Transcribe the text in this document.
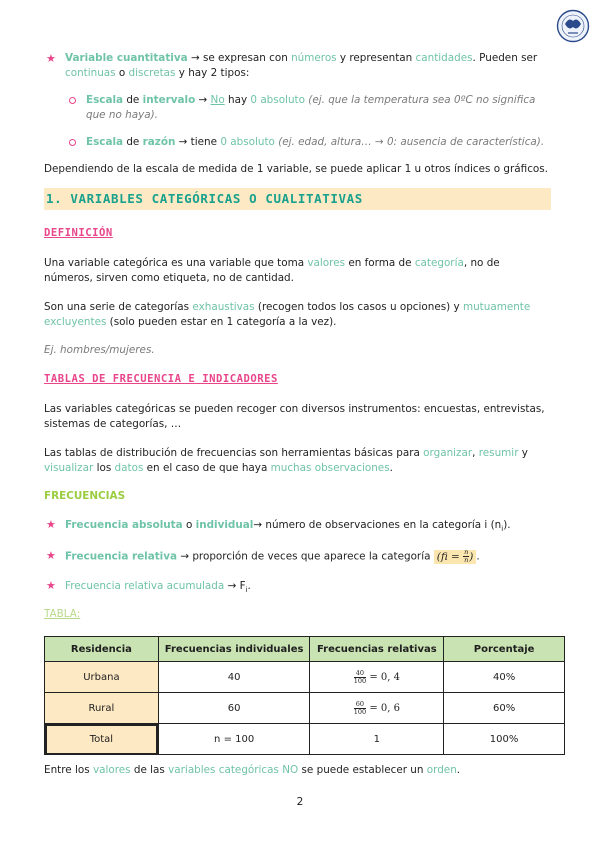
★ Variable cuantitativa → se expresan con números y representan cantidades. Pueden ser
continuas o discretas y hay 2 tipos:
Escala de intervalo → No hay 0 absoluto (ej. que la temperatura sea 0ºC no significa
que no haya).
Escala de razón → tiene 0 absoluto (ej. edad, altura… → 0: ausencia de característica).
Dependiendo de la escala de medida de 1 variable, se puede aplicar 1 u otros índices o gráficos.
1. VARIABLES CATEGÓRICAS O CUALITATIVAS
DEFINICIÓN
Una variable categórica es una variable que toma valores en forma de categoría, no de
números, sirven como etiqueta, no de cantidad.
Son una serie de categorías exhaustivas (recogen todos los casos u opciones) y mutuamente
excluyentes (solo pueden estar en 1 categoría a la vez).
Ej. hombres/mujeres.
TABLAS DE FRECUENCIA E INDICADORES
Las variables categóricas se pueden recoger con diversos instrumentos: encuestas, entrevistas,
sistemas de categorías, …
Las tablas de distribución de frecuencias son herramientas básicas para organizar, resumir y
visualizar los datos en el caso de que haya muchas observaciones.
FRECUENCIAS
★ Frecuencia absoluta o individual→ número de observaciones en la categoría i $(n_i)$.
★ Frecuencia relativa → proporción de veces que aparece la categoría ($fi = \frac{n}{n}$ ) .
★ Frecuencia relativa acumulada → $F_i$.
TABLA:
Residencia	Frecuencias individuales	Frecuencias relativas	Porcentaje
Urbana	40	$\frac{40}{100} = 0$, 4	40%
Rural	60	$\frac{60}{100} = 0$, 6	60%
Total	n = 100	1	100%
Entre los valores de las variables categóricas NO se puede establecer un orden.
2
